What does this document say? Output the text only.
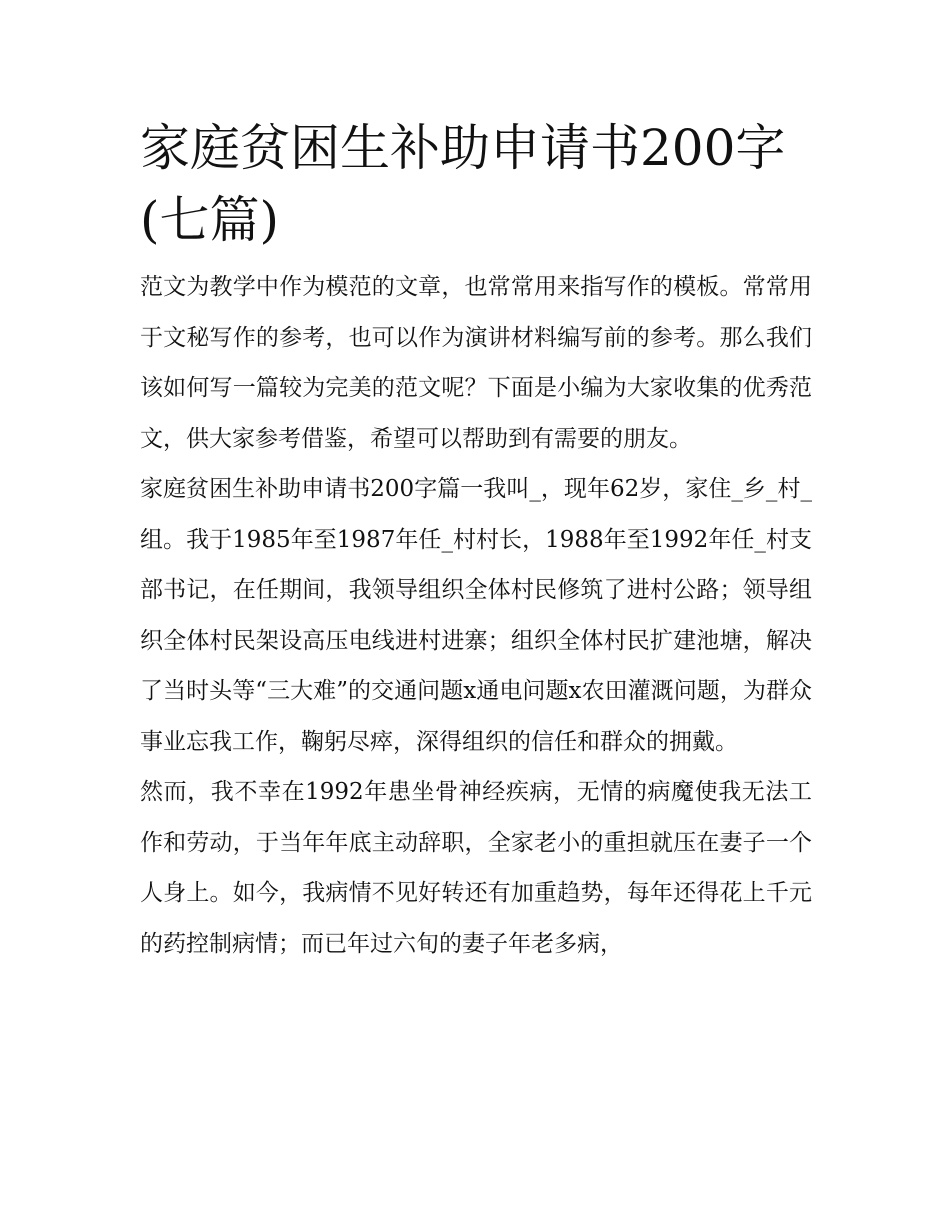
家庭贫困生补助申请书200字(七篇)

范文为教学中作为模范的文章，也常常用来指写作的模板。常常用于文秘写作的参考，也可以作为演讲材料编写前的参考。那么我们该如何写一篇较为完美的范文呢？下面是小编为大家收集的优秀范文，供大家参考借鉴，希望可以帮助到有需要的朋友。

家庭贫困生补助申请书200字篇一我叫_，现年62岁，家住_乡_村_组。我于1985年至1987年任_村村长，1988年至1992年任_村支部书记，在任期间，我领导组织全体村民修筑了进村公路；领导组织全体村民架设高压电线进村进寨；组织全体村民扩建池塘，解决了当时头等“三大难”的交通问题x通电问题x农田灌溉问题，为群众事业忘我工作，鞠躬尽瘁，深得组织的信任和群众的拥戴。

然而，我不幸在1992年患坐骨神经疾病，无情的病魔使我无法工作和劳动，于当年年底主动辞职，全家老小的重担就压在妻子一个人身上。如今，我病情不见好转还有加重趋势，每年还得花上千元的药控制病情；而已年过六旬的妻子年老多病，
